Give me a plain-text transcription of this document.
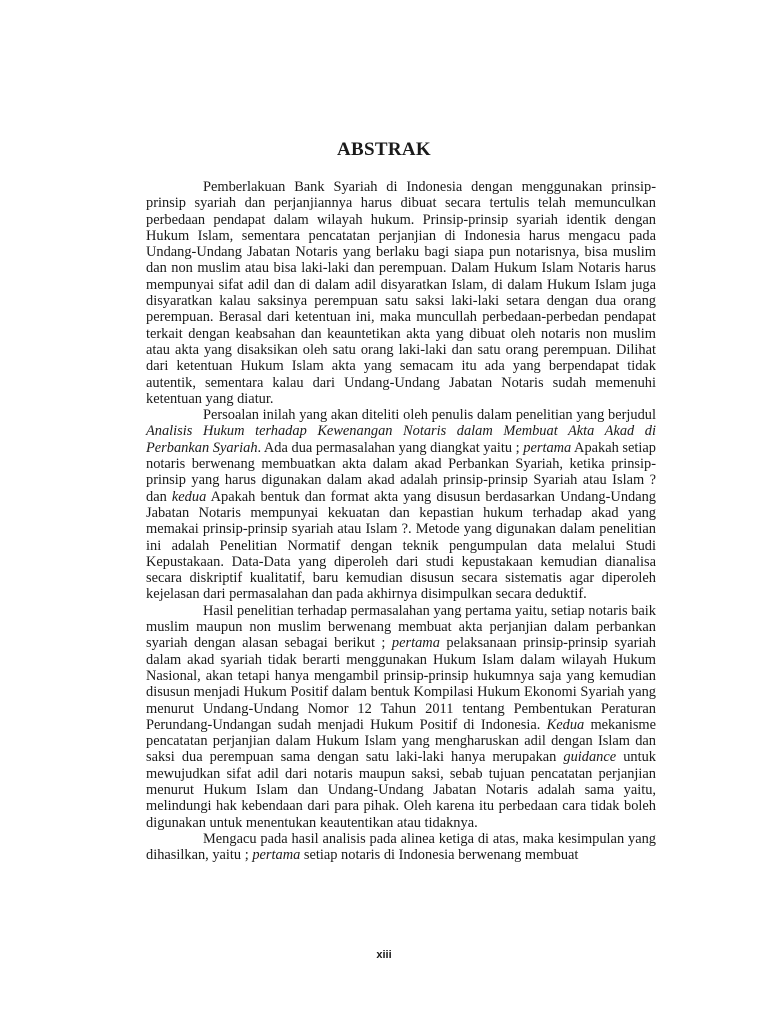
ABSTRAK

Pemberlakuan Bank Syariah di Indonesia dengan menggunakan prinsip-prinsip syariah dan perjanjiannya harus dibuat secara tertulis telah memunculkan perbedaan pendapat dalam wilayah hukum. Prinsip-prinsip syariah identik dengan Hukum Islam, sementara pencatatan perjanjian di Indonesia harus mengacu pada Undang-Undang Jabatan Notaris yang berlaku bagi siapa pun notarisnya, bisa muslim dan non muslim atau bisa laki-laki dan perempuan. Dalam Hukum Islam Notaris harus mempunyai sifat adil dan di dalam adil disyaratkan Islam, di dalam Hukum Islam juga disyaratkan kalau saksinya perempuan satu saksi laki-laki setara dengan dua orang perempuan. Berasal dari ketentuan ini, maka muncullah perbedaan-perbedan pendapat terkait dengan keabsahan dan keauntetikan akta yang dibuat oleh notaris non muslim atau akta yang disaksikan oleh satu orang laki-laki dan satu orang perempuan. Dilihat dari ketentuan Hukum Islam akta yang semacam itu ada yang berpendapat tidak autentik, sementara kalau dari Undang-Undang Jabatan Notaris sudah memenuhi ketentuan yang diatur.

Persoalan inilah yang akan diteliti oleh penulis dalam penelitian yang berjudul Analisis Hukum terhadap Kewenangan Notaris dalam Membuat Akta Akad di Perbankan Syariah. Ada dua permasalahan yang diangkat yaitu ; pertama Apakah setiap notaris berwenang membuatkan akta dalam akad Perbankan Syariah, ketika prinsip-prinsip yang harus digunakan dalam akad adalah prinsip-prinsip Syariah atau Islam ? dan kedua Apakah bentuk dan format akta yang disusun berdasarkan Undang-Undang Jabatan Notaris mempunyai kekuatan dan kepastian hukum terhadap akad yang memakai prinsip-prinsip syariah atau Islam ?. Metode yang digunakan dalam penelitian ini adalah Penelitian Normatif dengan teknik pengumpulan data melalui Studi Kepustakaan. Data-Data yang diperoleh dari studi kepustakaan kemudian dianalisa secara diskriptif kualitatif, baru kemudian disusun secara sistematis agar diperoleh kejelasan dari permasalahan dan pada akhirnya disimpulkan secara deduktif.

Hasil penelitian terhadap permasalahan yang pertama yaitu, setiap notaris baik muslim maupun non muslim berwenang membuat akta perjanjian dalam perbankan syariah dengan alasan sebagai berikut ; pertama pelaksanaan prinsip-prinsip syariah dalam akad syariah tidak berarti menggunakan Hukum Islam dalam wilayah Hukum Nasional, akan tetapi hanya mengambil prinsip-prinsip hukumnya saja yang kemudian disusun menjadi Hukum Positif dalam bentuk Kompilasi Hukum Ekonomi Syariah yang menurut Undang-Undang Nomor 12 Tahun 2011 tentang Pembentukan Peraturan Perundang-Undangan sudah menjadi Hukum Positif di Indonesia. Kedua mekanisme pencatatan perjanjian dalam Hukum Islam yang mengharuskan adil dengan Islam dan saksi dua perempuan sama dengan satu laki-laki hanya merupakan guidance untuk mewujudkan sifat adil dari notaris maupun saksi, sebab tujuan pencatatan perjanjian menurut Hukum Islam dan Undang-Undang Jabatan Notaris adalah sama yaitu, melindungi hak kebendaan dari para pihak. Oleh karena itu perbedaan cara tidak boleh digunakan untuk menentukan keautentikan atau tidaknya.

Mengacu pada hasil analisis pada alinea ketiga di atas, maka kesimpulan yang dihasilkan, yaitu ; pertama setiap notaris di Indonesia berwenang membuat

xiii
